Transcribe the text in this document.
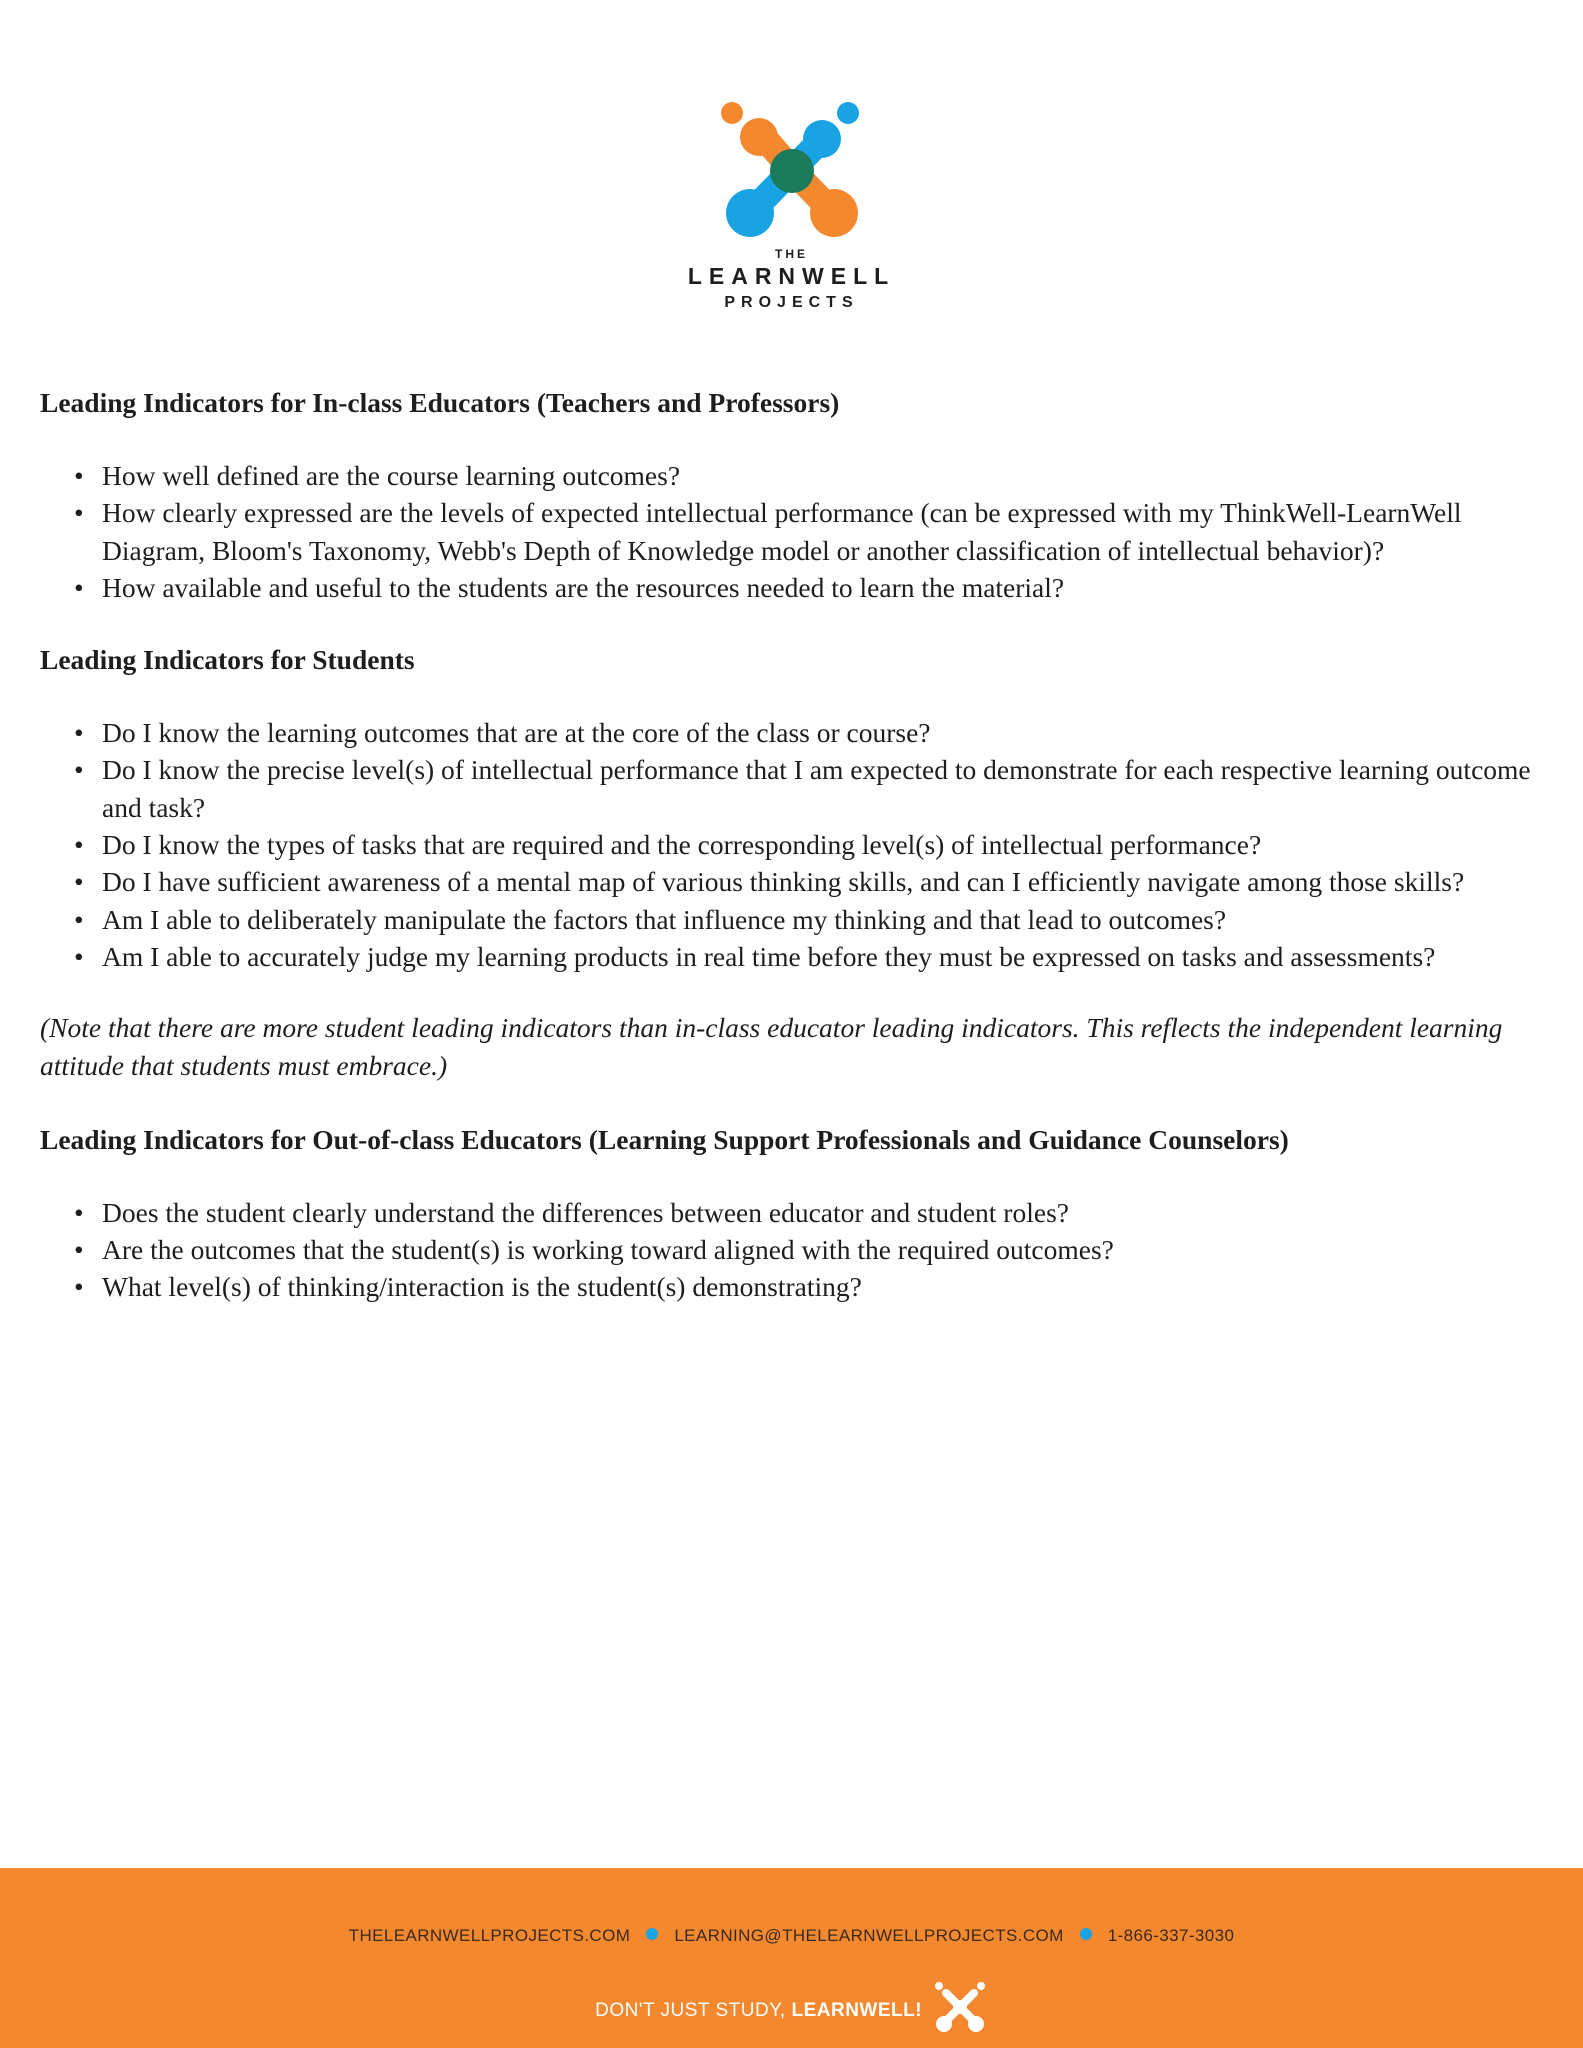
THE
LEARNWELL
PROJECTS
Leading Indicators for In-class Educators (Teachers and Professors)
• How well defined are the course learning outcomes?
• How clearly expressed are the levels of expected intellectual performance (can be expressed with my ThinkWell-LearnWell Diagram, Bloom's Taxonomy, Webb's Depth of Knowledge model or another classification of intellectual behavior)?
• How available and useful to the students are the resources needed to learn the material?
Leading Indicators for Students
• Do I know the learning outcomes that are at the core of the class or course?
• Do I know the precise level(s) of intellectual performance that I am expected to demonstrate for each respective learning outcome and task?
• Do I know the types of tasks that are required and the corresponding level(s) of intellectual performance?
• Do I have sufficient awareness of a mental map of various thinking skills, and can I efficiently navigate among those skills?
• Am I able to deliberately manipulate the factors that influence my thinking and that lead to outcomes?
• Am I able to accurately judge my learning products in real time before they must be expressed on tasks and assessments?

(Note that there are more student leading indicators than in-class educator leading indicators. This reflects the independent learning attitude that students must embrace.)

Leading Indicators for Out-of-class Educators (Learning Support Professionals and Guidance Counselors)
• Does the student clearly understand the differences between educator and student roles?
• Are the outcomes that the student(s) is working toward aligned with the required outcomes?
• What level(s) of thinking/interaction is the student(s) demonstrating?
THELEARNWELLPROJECTS.COM	LEARNING@THELEARNWELLPROJECTS.COM	1-866-337-3030
DON'T JUST STUDY, LEARNWELL!
